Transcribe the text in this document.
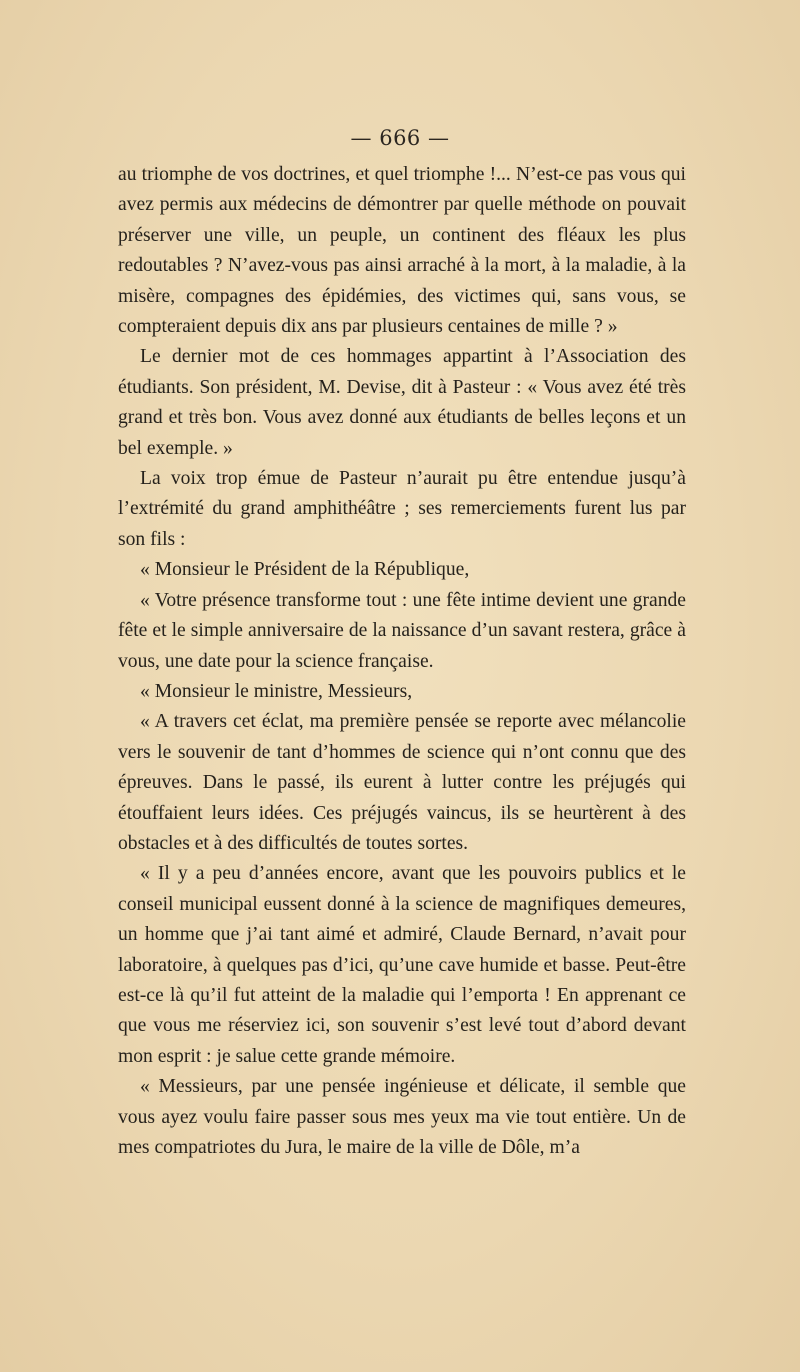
— 666 —

au triomphe de vos doctrines, et quel triomphe !... N’est-ce pas vous qui avez permis aux médecins de démontrer par quelle méthode on pouvait préserver une ville, un peuple, un continent des fléaux les plus redoutables ? N’avez-vous pas ainsi arraché à la mort, à la maladie, à la misère, compagnes des épidémies, des victimes qui, sans vous, se compteraient depuis dix ans par plusieurs centaines de mille ? »

Le dernier mot de ces hommages appartint à l’Association des étudiants. Son président, M. Devise, dit à Pasteur : « Vous avez été très grand et très bon. Vous avez donné aux étudiants de belles leçons et un bel exemple. »

La voix trop émue de Pasteur n’aurait pu être entendue jusqu’à l’extrémité du grand amphithéâtre ; ses remerciements furent lus par son fils :

« Monsieur le Président de la République,

« Votre présence transforme tout : une fête intime devient une grande fête et le simple anniversaire de la naissance d’un savant restera, grâce à vous, une date pour la science française.

« Monsieur le ministre, Messieurs,

« A travers cet éclat, ma première pensée se reporte avec mélancolie vers le souvenir de tant d’hommes de science qui n’ont connu que des épreuves. Dans le passé, ils eurent à lutter contre les préjugés qui étouffaient leurs idées. Ces préjugés vaincus, ils se heurtèrent à des obstacles et à des difficultés de toutes sortes.

« Il y a peu d’années encore, avant que les pouvoirs publics et le conseil municipal eussent donné à la science de magnifiques demeures, un homme que j’ai tant aimé et admiré, Claude Bernard, n’avait pour laboratoire, à quelques pas d’ici, qu’une cave humide et basse. Peut-être est-ce là qu’il fut atteint de la maladie qui l’emporta ! En apprenant ce que vous me réserviez ici, son souvenir s’est levé tout d’abord devant mon esprit : je salue cette grande mémoire.

« Messieurs, par une pensée ingénieuse et délicate, il semble que vous ayez voulu faire passer sous mes yeux ma vie tout entière. Un de mes compatriotes du Jura, le maire de la ville de Dôle, m’a
